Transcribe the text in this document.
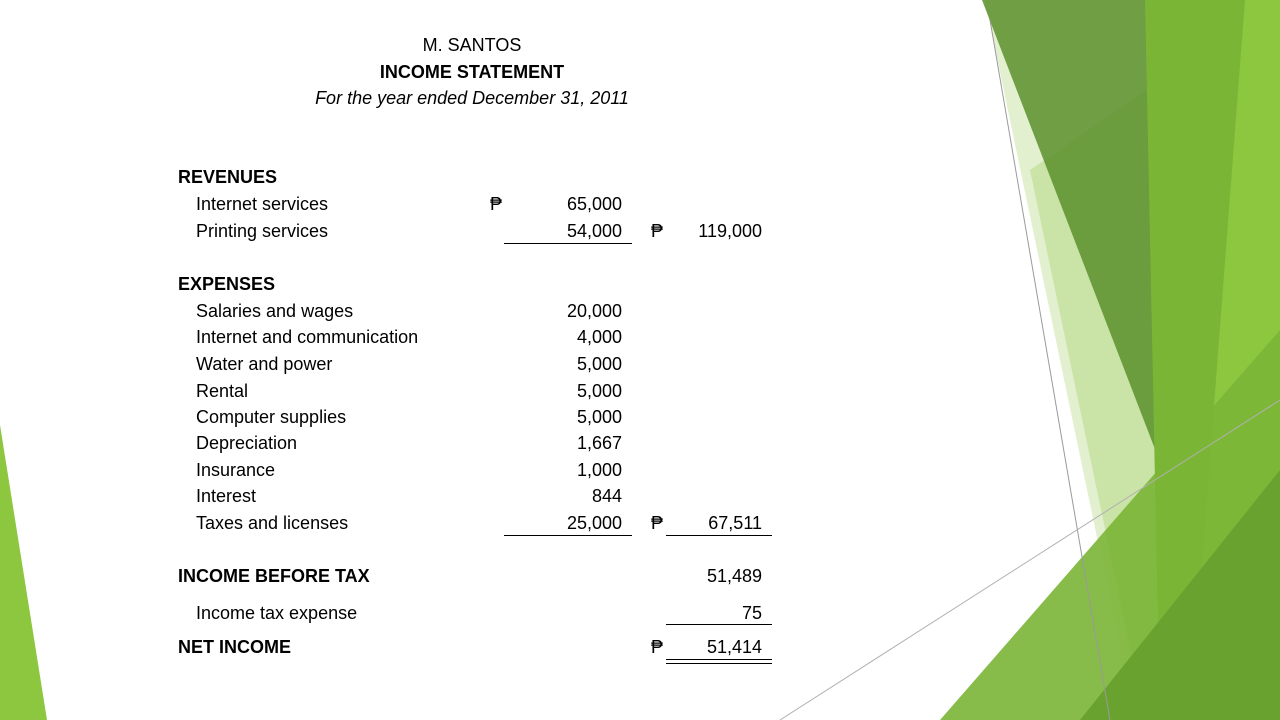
M. SANTOS
INCOME STATEMENT
For the year ended December 31, 2011
REVENUES
Internet services	₱	65,000
Printing services	54,000 ₱ 119,000
EXPENSES
Salaries and wages	20,000
Internet and communication	4,000
Water and power	5,000
Rental	5,000
Computer supplies	5,000
Depreciation	1,667
Insurance	1,000
Interest	844
Taxes and licenses	25,000 ₱	67,511
INCOME BEFORE TAX	51,489
Income tax expense	75
NET INCOME	₱ 51,414
